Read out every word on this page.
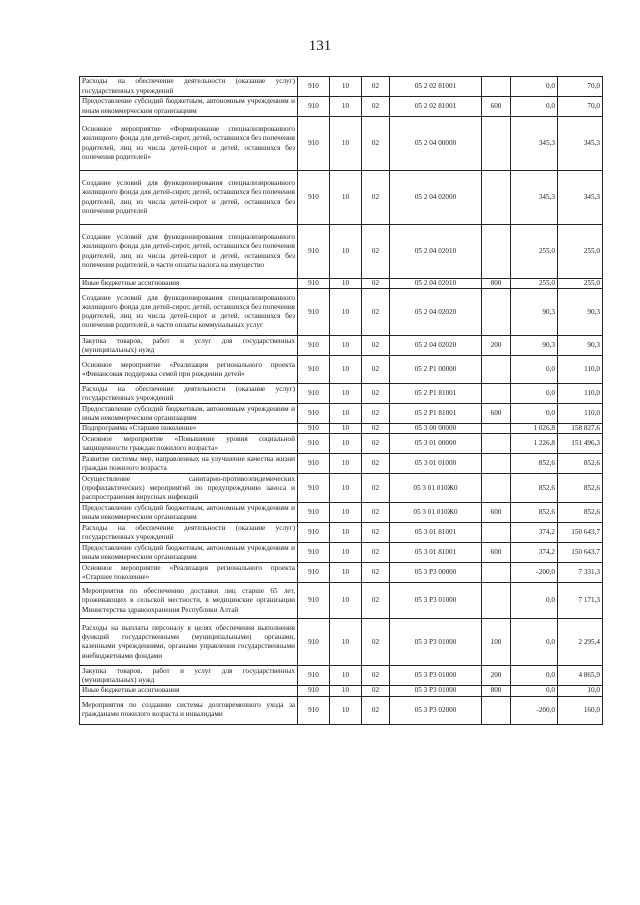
131
Расходы на обеспечение деятельности (оказание услуг) государственных учреждений	910	10	02	05 2 02 81001		0,0	70,0
Предоставление субсидий бюджетным, автономным учреждениям и иным некоммерческим организациям	910	10	02	05 2 02 81001	600	0,0	70,0
Основное мероприятие «Формирование специализированного жилищного фонда для детей-сирот, детей, оставшихся без попечения родителей, лиц из числа детей-сирот и детей, оставшихся без попечения родителей»	910	10	02	05 2 04 00000		345,3	345,3
Создание условий для функционирования специализированного жилищного фонда для детей-сирот, детей, оставшихся без попечения родителей, лиц из числа детей-сирот и детей, оставшихся без попечения родителей	910	10	02	05 2 04 02000		345,3	345,3
Создание условий для функционирования специализированного жилищного фонда для детей-сирот, детей, оставшихся без попечения родителей, лиц из числа детей-сирот и детей, оставшихся без попечения родителей, в части оплаты налога на имущество	910	10	02	05 2 04 02010		255,0	255,0
Иные бюджетные ассигнования	910	10	02	05 2 04 02010	800	255,0	255,0
Создание условий для функционирования специализированного жилищного фонда для детей-сирот, детей, оставшихся без попечения родителей, лиц из числа детей-сирот и детей, оставшихся без попечения родителей, в части оплаты коммунальных услуг	910	10	02	05 2 04 02020		90,3	90,3
Закупка товаров, работ и услуг для государственных (муниципальных) нужд	910	10	02	05 2 04 02020	200	90,3	90,3
Основное мероприятие «Реализация регионального проекта «Финансовая поддержка семей при рождении детей»	910	10	02	05 2 P1 00000		0,0	110,0
Расходы на обеспечение деятельности (оказание услуг) государственных учреждений	910	10	02	05 2 P1 81001		0,0	110,0
Предоставление субсидий бюджетным, автономным учреждениям и иным некоммерческим организациям	910	10	02	05 2 P1 81001	600	0,0	110,0
Подпрограмма «Старшее поколение»	910	10	02	05 3 00 00000		1 026,8	158 827,6
Основное мероприятие «Повышение уровня социальной защищенности граждан пожилого возраста»	910	10	02	05 3 01 00000		1 226,8	151 496,3
Развитие системы мер, направленных на улучшение качества жизни граждан пожилого возраста	910	10	02	05 3 01 01000		852,6	852,6
Осуществление санитарно-противоэпидемических (профилактических) мероприятий по предупреждению заноса и распространения вирусных инфекций	910	10	02	05 3 01 010Ж0		852,6	852,6
Предоставление субсидий бюджетным, автономным учреждениям и иным некоммерческим организациям	910	10	02	05 3 01 010Ж0	600	852,6	852,6
Расходы на обеспечение деятельности (оказание услуг) государственных учреждений	910	10	02	05 3 01 81001		374,2	150 643,7
Предоставление субсидий бюджетным, автономным учреждениям и иным некоммерческим организациям	910	10	02	05 3 01 81001	600	374,2	150 643,7
Основное мероприятие «Реализация регионального проекта «Старшее поколение»	910	10	02	05 3 P3 00000		-200,0	7 331,3
Мероприятия по обеспечению доставки лиц старше 65 лет, проживающих в сельской местности, в медицинские организации Министерства здравоохранения Республики Алтай	910	10	02	05 3 P3 01000		0,0	7 171,3
Расходы на выплаты персоналу в целях обеспечения выполнения функций государственными (муниципальными) органами, казенными учреждениями, органами управления государственными внебюджетными фондами	910	10	02	05 3 P3 01000	100	0,0	2 295,4
Закупка товаров, работ и услуг для государственных (муниципальных) нужд	910	10	02	05 3 P3 01000	200	0,0	4 865,9
Иные бюджетные ассигнования	910	10	02	05 3 P3 01000	800	0,0	10,0
Мероприятия по созданию системы долговременного ухода за гражданами пожилого возраста и инвалидами	910	10	02	05 3 P3 02000		-200,0	160,0
